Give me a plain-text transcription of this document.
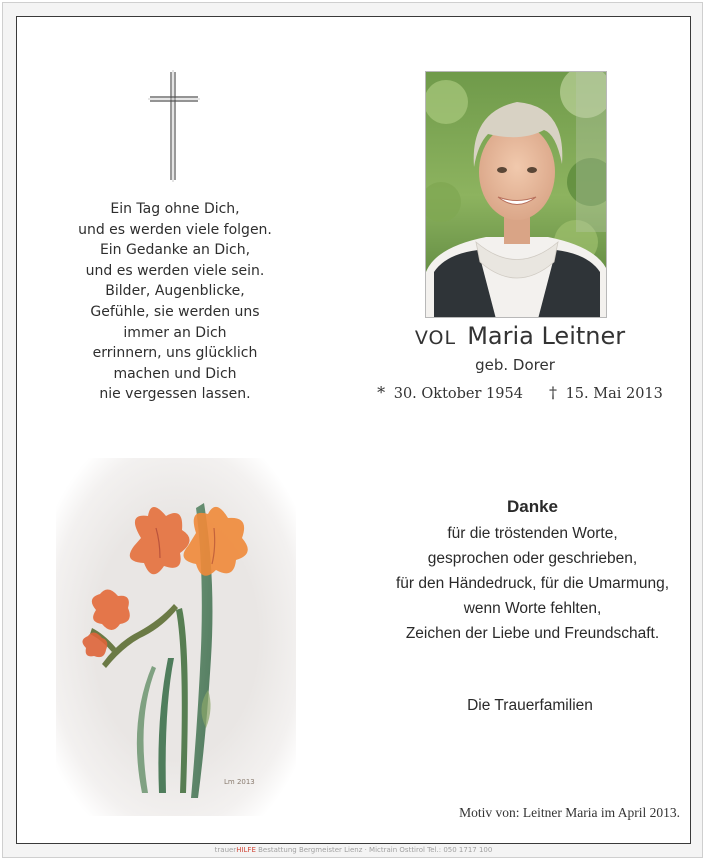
Ein Tag ohne Dich,
und es werden viele folgen.
Ein Gedanke an Dich,
und es werden viele sein.
Bilder, Augenblicke,
Gefühle, sie werden uns
immer an Dich
errinnern, uns glücklich
machen und Dich
nie vergessen lassen.
VOL Maria Leitner
geb. Dorer
* 30. Oktober 1954 † 15. Mai 2013
Lm 2013
Danke
für die tröstenden Worte,
gesprochen oder geschrieben,
für den Händedruck, für die Umarmung,
wenn Worte fehlten,
Zeichen der Liebe und Freundschaft.
Die Trauerfamilien
Motiv von: Leitner Maria im April 2013.
trauerHILFE Bestattung Bergmeister Lienz · Mictrain Osttirol Tel.: 050 1717 100
